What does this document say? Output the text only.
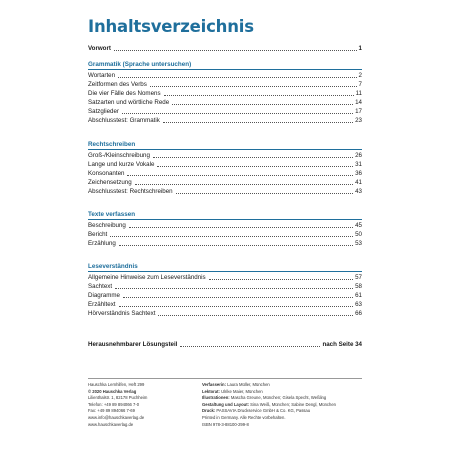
Inhaltsverzeichnis
Vorwort	1
Grammatik (Sprache untersuchen)
Wortarten	2
Zeitformen des Verbs	7
Die vier Fälle des Nomens	11
Satzarten und wörtliche Rede	14
Satzglieder	17
Abschlusstest: Grammatik	23
Rechtschreiben
Groß-/Kleinschreibung	26
Lange und kurze Vokale	31
Konsonanten	36
Zeichensetzung	41
Abschlusstest: Rechtschreiben	43
Texte verfassen
Beschreibung	45
Bericht	50
Erzählung	53
Leseverständnis
Allgemeine Hinweise zum Leseverständnis	57
Sachtext	58
Diagramme	61
Erzähltext	63
Hörverständnis Sachtext	66
Herausnehmbarer Lösungsteil	nach Seite 34
Hauschka Lernhilfen, Heft 299
© 2020 Hauschka Verlag
Lilienthalstr. 1, 82178 Puchheim
Telefon: +49 89 894066 7-0
Fax: +49 89 894066 7-69
www.info@hauschkaverlag.de
www.hauschkaverlag.de
Verfasserin: Laura Müller, München
Lektorat: Ulrike Maier, München
Illustrationen: Mascha Greune, München; Gisela Specht, Weßling
Gestaltung und Layout: Sina Weiß, München; Sabine Dengl, München
Druck: PASSAVIA Druckservice GmbH & Co. KG, Passau
Printed in Germany. Alle Rechte vorbehalten.
ISBN 978-3-88100-299-8
